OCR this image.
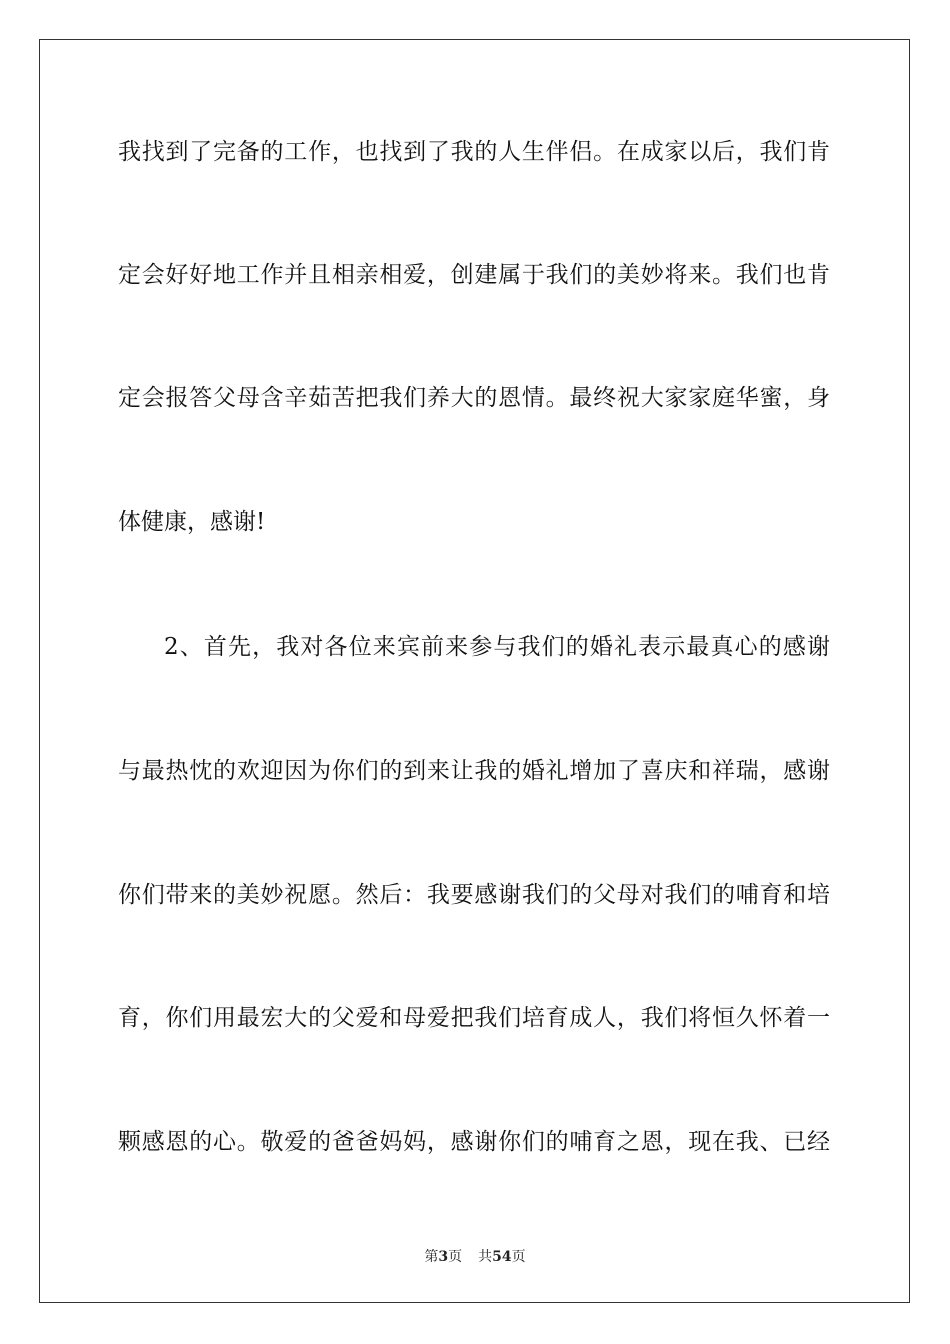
我找到了完备的工作，也找到了我的人生伴侣。在成家以后，我们肯
定会好好地工作并且相亲相爱，创建属于我们的美妙将来。我们也肯
定会报答父母含辛茹苦把我们养大的恩情。最终祝大家家庭华蜜，身
体健康，感谢!
2、首先，我对各位来宾前来参与我们的婚礼表示最真心的感谢
与最热忱的欢迎因为你们的到来让我的婚礼增加了喜庆和祥瑞，感谢
你们带来的美妙祝愿。然后：我要感谢我们的父母对我们的哺育和培
育，你们用最宏大的父爱和母爱把我们培育成人，我们将恒久怀着一
颗感恩的心。敬爱的爸爸妈妈，感谢你们的哺育之恩，现在我、已经
第3页 共54页
